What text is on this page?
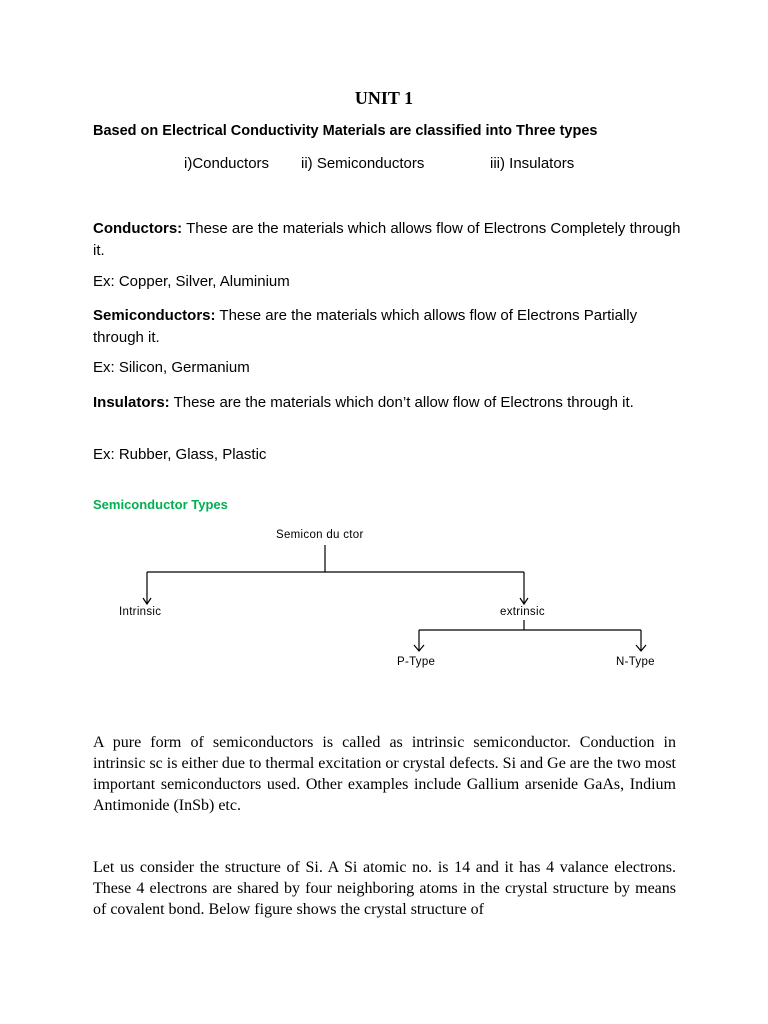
UNIT 1
Based on Electrical Conductivity Materials are classified into Three types
i)Conductors ii) Semiconductors	iii) Insulators
Conductors: These are the materials which allows flow of Electrons Completely through it.
Ex: Copper, Silver, Aluminium
Semiconductors: These are the materials which allows flow of Electrons Partially through it.
Ex: Silicon, Germanium
Insulators: These are the materials which don’t allow flow of Electrons through it.
Ex: Rubber, Glass, Plastic
Semiconductor Types
Semicon du ctor
Intrinsic	extrinsic
P-Type	N-Type
A pure form of semiconductors is called as intrinsic semiconductor. Conduction in intrinsic sc is either due to thermal excitation or crystal defects. Si and Ge are the two most important semiconductors used. Other examples include Gallium arsenide GaAs, Indium Antimonide (InSb) etc.
Let us consider the structure of Si. A Si atomic no. is 14 and it has 4 valance electrons. These 4 electrons are shared by four neighboring atoms in the crystal structure by means of covalent bond. Below figure shows the crystal structure of
